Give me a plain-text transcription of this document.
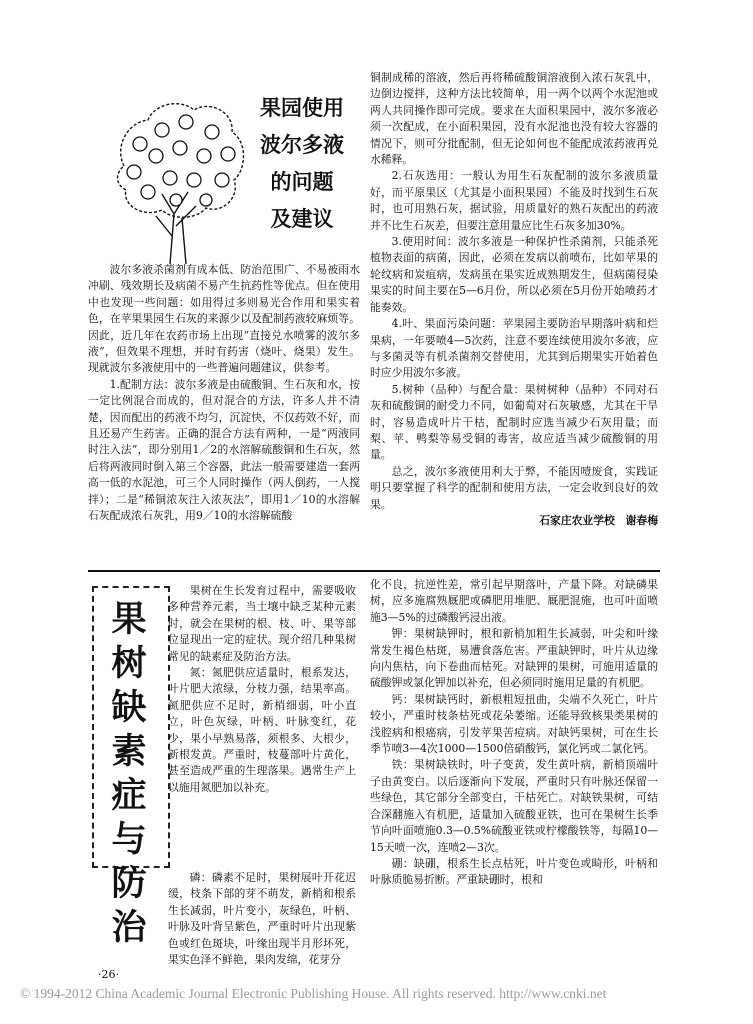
果园使用
波尔多液
的问题
及建议

波尔多液杀菌剂有成本低、防治范围广、不易被雨水冲刷、残效期长及病菌不易产生抗药性等优点。但在使用中也发现一些问题：如用得过多则易光合作用和果实着色，在苹果果园生石灰的来源少以及配制药液较麻烦等。因此，近几年在农药市场上出现“直接兑水喷雾的波尔多液”，但效果不理想，并时有药害（烧叶、烧果）发生。现就波尔多液使用中的一些普遍问题建议，供参考。

1.配制方法：波尔多液是由硫酸铜、生石灰和水，按一定比例混合而成的，但对混合的方法，许多人并不清楚，因而配出的药液不均匀，沉淀快，不仅药效不好，而且还易产生药害。正确的混合方法有两种，一是“两液同时注入法”，即分别用1／2的水溶解硫酸铜和生石灰，然后将两液同时倒入第三个容器，此法一般需要建造一套两高一低的水泥池，可三个人同时操作（两人倒药，一人搅拌）；二是“稀铜浓灰注入浓灰法”，即用1／10的水溶解石灰配成浓石灰乳，用9／10的水溶解硫酸

铜制成稀的溶液，然后再将稀硫酸铜溶液倒入浓石灰乳中，边倒边搅拌，这种方法比较简单，用一两个以两个水泥池或两人共同操作即可完成。要求在大面积果园中，波尔多液必须一次配成，在小面积果园，没有水泥池也没有较大容器的情况下，则可分批配制，但无论如何也不能配成浓药液再兑水稀释。

2.石灰选用：一般认为用生石灰配制的波尔多液质量好，而平原果区（尤其是小面积果园）不能及时找到生石灰时，也可用熟石灰，据试验，用质量好的熟石灰配出的药液并不比生石灰差，但要注意用量应比生石灰多加30%。

3.使用时间：波尔多液是一种保护性杀菌剂，只能杀死植物表面的病菌，因此，必须在发病以前喷布，比如苹果的轮纹病和炭疽病，发病虽在果实近成熟期发生，但病菌侵染果实的时间主要在5—6月份，所以必须在5月份开始喷药才能奏效。

4.叶、果面污染问题：苹果园主要防治早期落叶病和烂果病，一年要喷4—5次药，注意不要连续使用波尔多液，应与多菌灵等有机杀菌剂交替使用，尤其到后期果实开始着色时应少用波尔多液。

5.树种（品种）与配合量：果树树种（品种）不同对石灰和硫酸铜的耐受力不同，如葡萄对石灰敏感，尤其在干旱时，容易造成叶片干枯，配制时应选当减少石灰用量；而梨、苹、鸭梨等易受铜的毒害，故应适当减少硫酸铜的用量。

总之，波尔多液使用利大于弊，不能因噎废食，实践证明只要掌握了科学的配制和使用方法，一定会收到良好的效果。

石家庄农业学校　谢春梅

果
树
缺
素
症
与
防
治

果树在生长发育过程中，需要吸收多种营养元素，当土壤中缺乏某种元素时，就会在果树的根、枝、叶、果等部位显现出一定的症状。现介绍几种果树常见的缺素症及防治方法。

氮：氮肥供应适量时，根系发达，叶片肥大浓绿，分枝力强，结果率高。氮肥供应不足时，新梢细弱，叶小直立，叶色灰绿，叶柄、叶脉变红，花少，果小早熟易落，须根多、大根少，新根发黄。严重时，枝蔓部叶片黄化，甚至造成严重的生理落果。遇常生产上以施用氮肥加以补充。

磷：磷素不足时，果树展叶开花迟缓，枝条下部的芽不萌发，新梢和根系生长减弱，叶片变小，灰绿色，叶柄、叶脉及叶背呈紫色，严重时叶片出现紫色或红色斑块，叶缘出现半月形坏死，果实色泽不鲜艳，果肉发绵，花芽分

化不良，抗逆性差，常引起早期落叶，产量下降。对缺磷果树，应多施腐熟厩肥或磷肥用堆肥、厩肥混施，也可叶面喷施3—5%的过磷酸钙浸出液。

钾：果树缺钾时，根和新梢加粗生长减弱，叶尖和叶缘常发生褐色枯斑，易遭食落危害。严重缺钾时，叶片从边缘向内焦枯，向下卷曲而枯死。对缺钾的果树，可施用适量的硫酸钾或氯化钾加以补充，但必须同时施用足量的有机肥。

钙：果树缺钙时，新根粗短扭曲，尖端不久死亡，叶片较小，严重时枝条枯死或花朵萎缩。还能导致核果类果树的浅腔病和根癌病，引发苹果苦痘病。对缺钙果树，可在生长季节喷3—4次1000—1500倍硝酸钙，氯化钙或二氯化钙。

铁：果树缺铁时，叶子变黄，发生黄叶病，新梢顶端叶子由黄变白。以后逐渐向下发展，严重时只有叶脉还保留一些绿色，其它部分全部变白，干枯死亡。对缺铁果树，可结合深翻施入有机肥，适量加入硫酸亚铁，也可在果树生长季节向叶面喷施0.3—0.5%硫酸亚铁或柠檬酸铁等，每隔10—15天喷一次，连喷2—3次。

硼：缺硼，根系生长点枯死，叶片变色或畸形，叶柄和叶脉质脆易折断。严重缺硼时，根和

·26·
© 1994-2012 China Academic Journal Electronic Publishing House. All rights reserved. http://www.cnki.net
